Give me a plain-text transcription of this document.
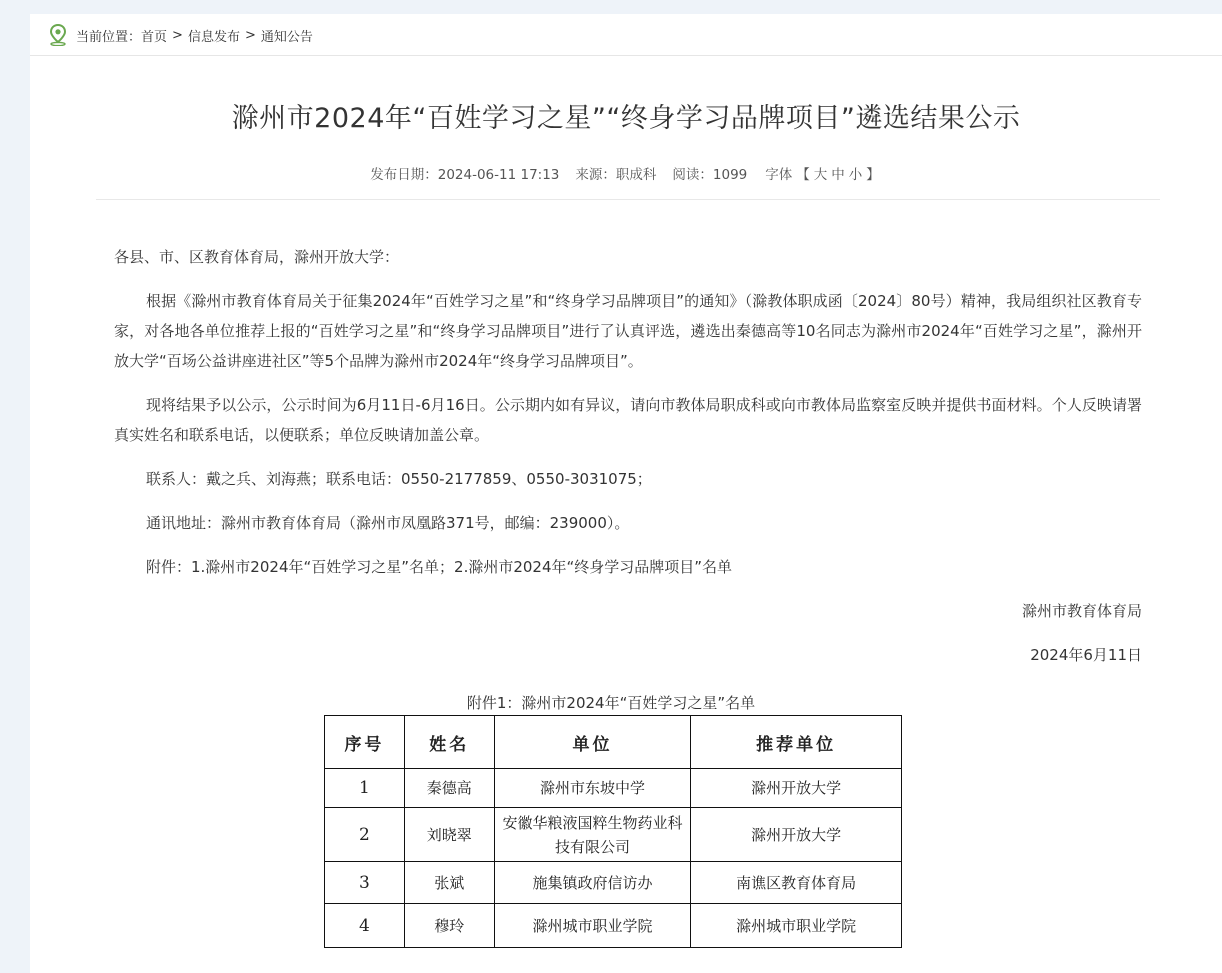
当前位置： 首页 > 信息发布 > 通知公告
滁州市2024年“百姓学习之星”“终身学习品牌项目”遴选结果公示
发布日期：2024-06-11 17:13 来源：职成科 阅读：1099 字体 【 大 中 小 】

各县、市、区教育体育局，滁州开放大学：

根据《滁州市教育体育局关于征集2024年“百姓学习之星”和“终身学习品牌项目”的通知》（滁教体职成函〔2024〕80号）精神，我局组织社区教育专家，对各地各单位推荐上报的“百姓学习之星”和“终身学习品牌项目”进行了认真评选，遴选出秦德高等10名同志为滁州市2024年“百姓学习之星”，滁州开放大学“百场公益讲座进社区”等5个品牌为滁州市2024年“终身学习品牌项目”。

现将结果予以公示，公示时间为6月11日-6月16日。公示期内如有异议，请向市教体局职成科或向市教体局监察室反映并提供书面材料。个人反映请署真实姓名和联系电话，以便联系；单位反映请加盖公章。

联系人：戴之兵、刘海燕；联系电话：0550-2177859、0550-3031075；

通讯地址：滁州市教育体育局（滁州市凤凰路371号，邮编：239000）。

附件：1.滁州市2024年“百姓学习之星”名单；2.滁州市2024年“终身学习品牌项目”名单

滁州市教育体育局

2024年6月11日

附件1：滁州市2024年“百姓学习之星”名单
序号	姓名	单位	推荐单位
1	秦德高	滁州市东坡中学	滁州开放大学
2	刘晓翠	安徽华粮液国粹生物药业科技有限公司	滁州开放大学
3	张斌	施集镇政府信访办	南谯区教育体育局
4	穆玲	滁州城市职业学院	滁州城市职业学院
